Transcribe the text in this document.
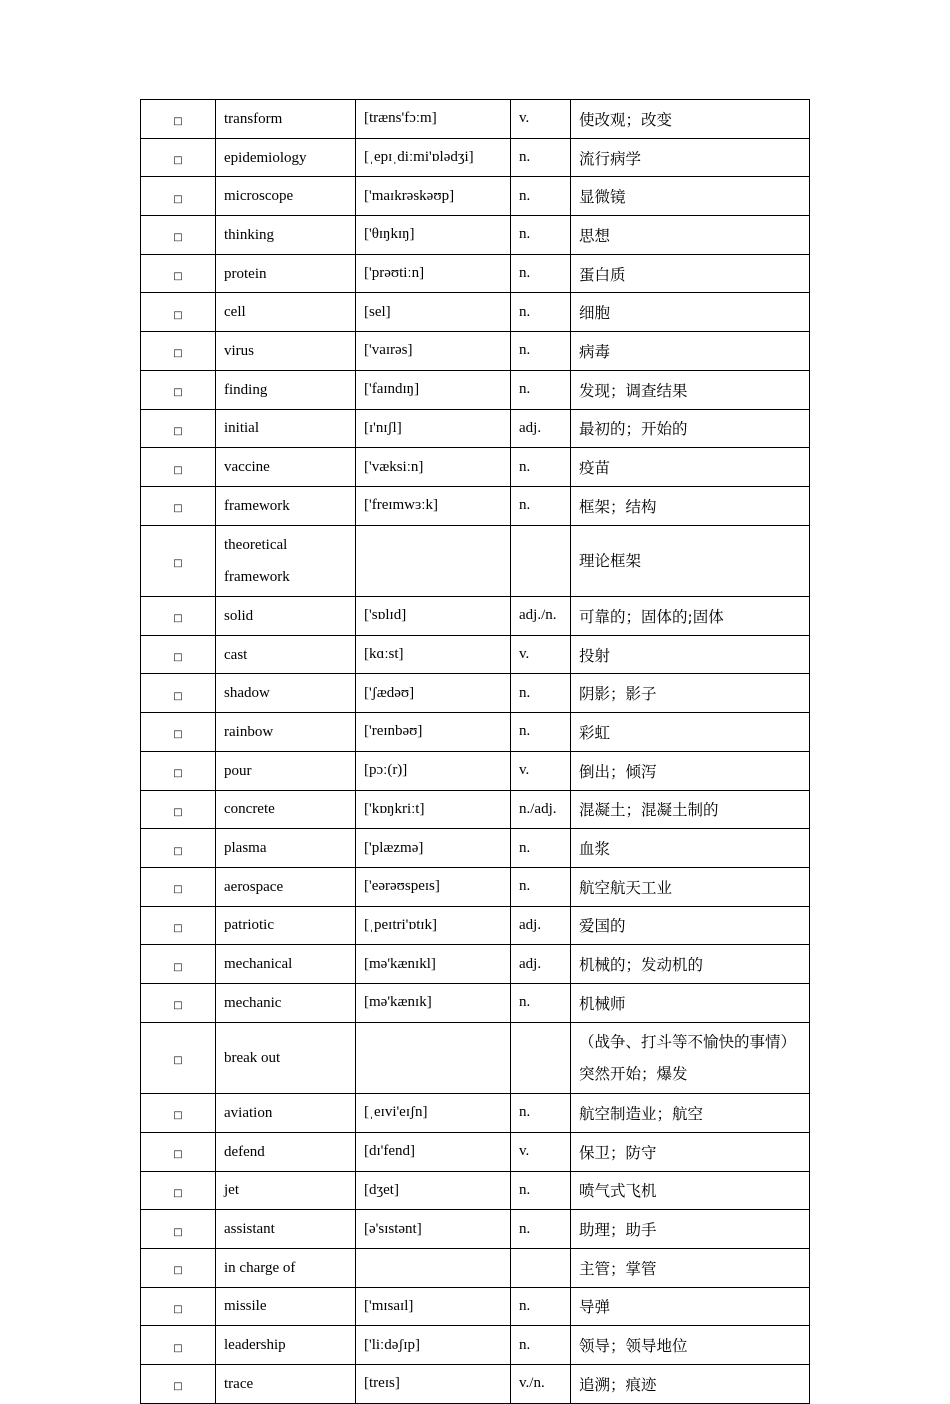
□	transform	[træns'fɔːm]	v.	使改观；改变
□	epidemiology	[ˌepɪˌdiːmi'ɒlədʒi]	n.	流行病学
□	microscope	['maɪkrəskəʊp]	n.	显微镜
□	thinking	['θɪŋkɪŋ]	n.	思想
□	protein	['prəʊtiːn]	n.	蛋白质
□	cell	[sel]	n.	细胞
□	virus	['vaɪrəs]	n.	病毒
□	finding	['faɪndɪŋ]	n.	发现；调查结果
□	initial	[ɪ'nɪʃl]	adj.	最初的；开始的
□	vaccine	['væksiːn]	n.	疫苗
□	framework	['freɪmwɜːk]	n.	框架；结构
□	theoretical framework			理论框架
□	solid	['sɒlɪd]	adj./n.	可靠的；固体的;固体
□	cast	[kɑːst]	v.	投射
□	shadow	['ʃædəʊ]	n.	阴影；影子
□	rainbow	['reɪnbəʊ]	n.	彩虹
□	pour	[pɔː(r)]	v.	倒出；倾泻
□	concrete	['kɒŋkriːt]	n./adj.	混凝土；混凝土制的
□	plasma	['plæzmə]	n.	血浆
□	aerospace	['eərəʊspeɪs]	n.	航空航天工业
□	patriotic	[ˌpeɪtri'ɒtɪk]	adj.	爱国的
□	mechanical	[mə'kænɪkl]	adj.	机械的；发动机的
□	mechanic	[mə'kænɪk]	n.	机械师
□	break out			（战争、打斗等不愉快的事情）突然开始；爆发
□	aviation	[ˌeɪvi'eɪʃn]	n.	航空制造业；航空
□	defend	[dɪ'fend]	v.	保卫；防守
□	jet	[dʒet]	n.	喷气式飞机
□	assistant	[ə'sɪstənt]	n.	助理；助手
□	in charge of			主管；掌管
□	missile	['mɪsaɪl]	n.	导弹
□	leadership	['liːdəʃɪp]	n.	领导；领导地位
□	trace	[treɪs]	v./n.	追溯；痕迹
